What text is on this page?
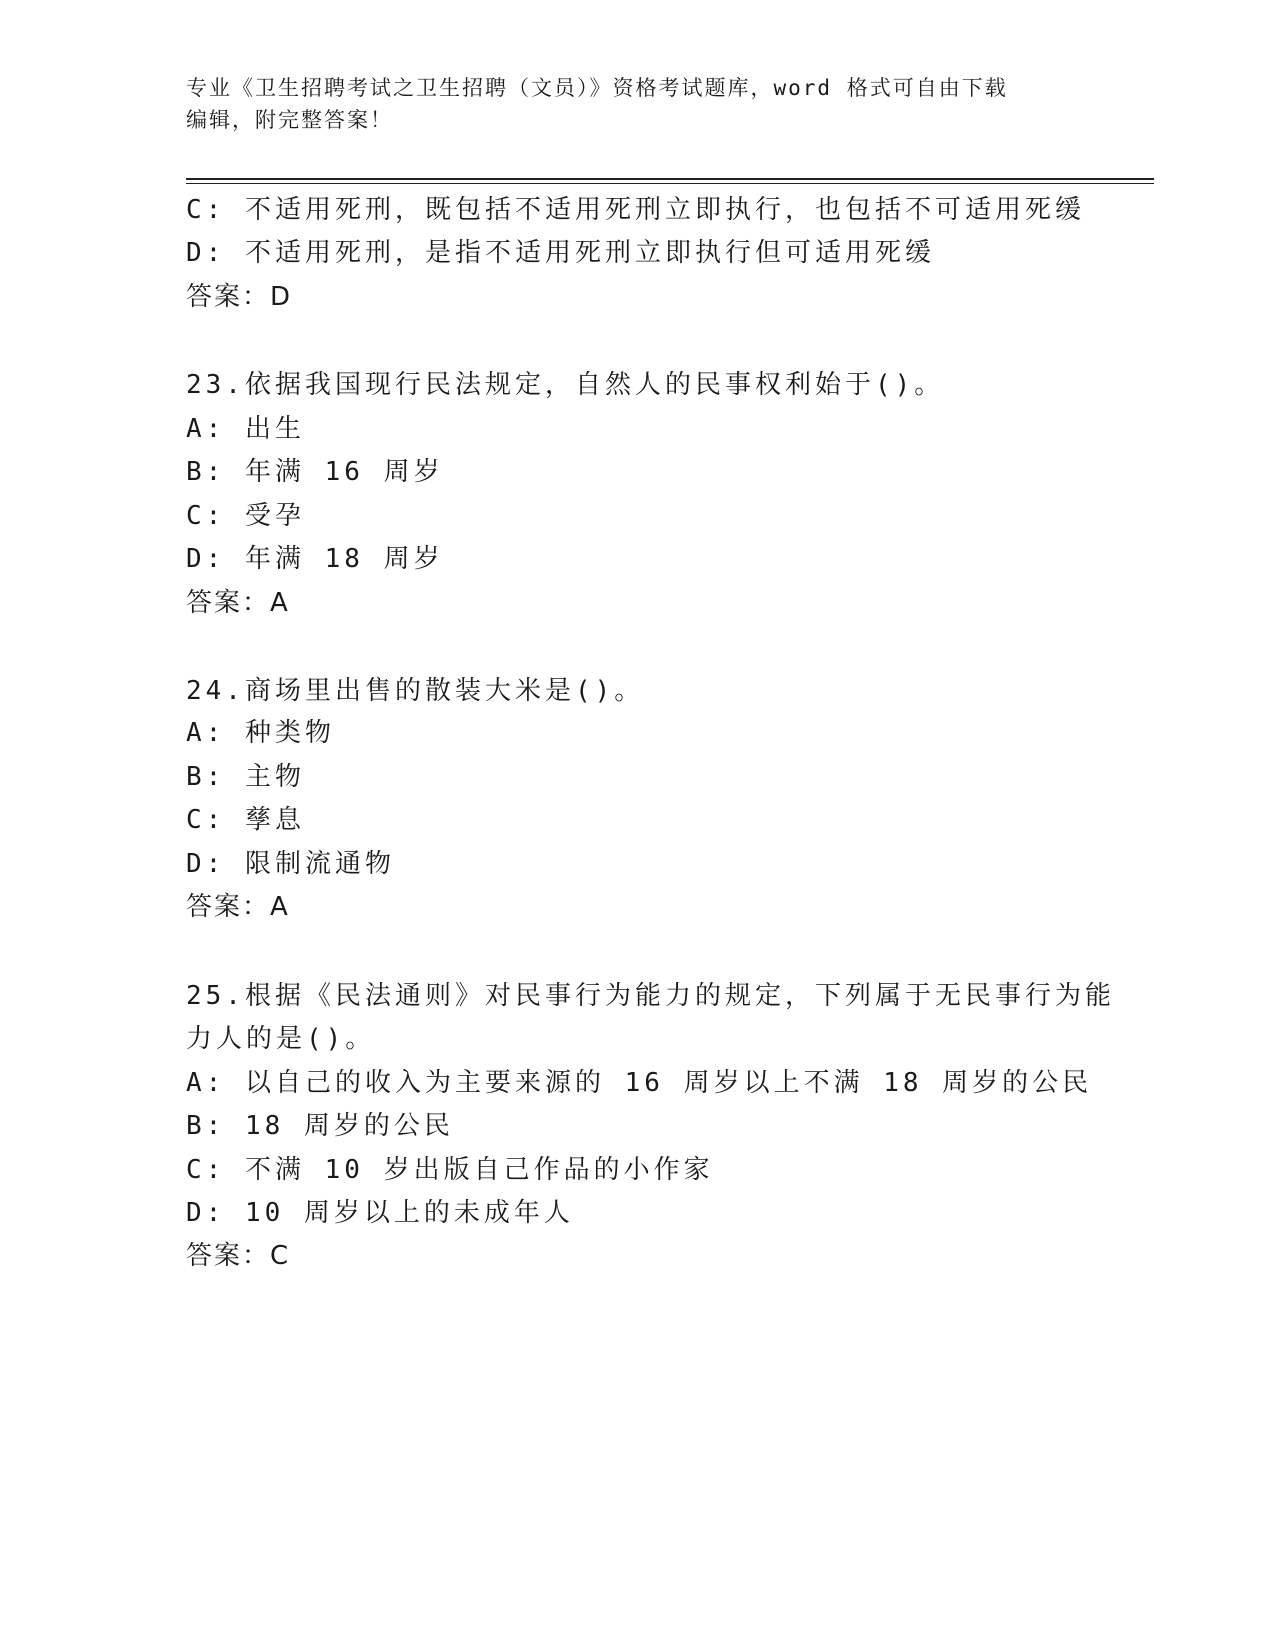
专业《卫生招聘考试之卫生招聘（文员）》资格考试题库，word 格式可自由下载
编辑，附完整答案！
C: 不适用死刑，既包括不适用死刑立即执行，也包括不可适用死缓
D: 不适用死刑，是指不适用死刑立即执行但可适用死缓
答案：D
23.依据我国现行民法规定，自然人的民事权利始于()。
A: 出生
B: 年满 16 周岁
C: 受孕
D: 年满 18 周岁
答案：A
24.商场里出售的散装大米是()。
A: 种类物
B: 主物
C: 孳息
D: 限制流通物
答案：A
25.根据《民法通则》对民事行为能力的规定，下列属于无民事行为能
力人的是()。
A: 以自己的收入为主要来源的 16 周岁以上不满 18 周岁的公民
B: 18 周岁的公民
C: 不满 10 岁出版自己作品的小作家
D: 10 周岁以上的未成年人
答案：C
